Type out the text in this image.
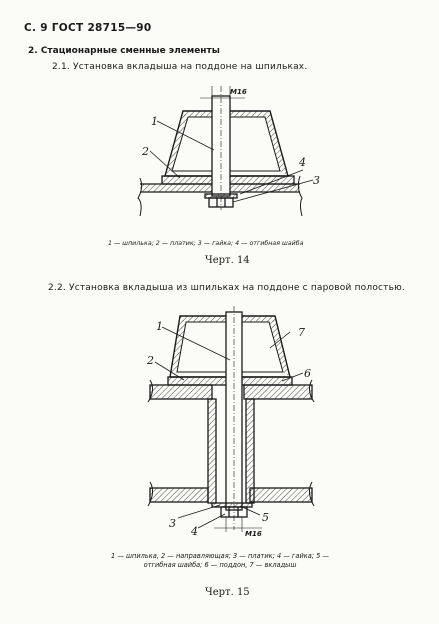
С. 9 ГОСТ 28715—90

2. Стационарные сменные элементы

2.1. Установка вкладыша на поддоне на шпильках.

М16
1
2
3
4
1
2
3
4
5
6
7
М16

1 — шпилька; 2 — платик; 3 — гайка; 4 — отгибная шайба

Черт. 14

2.2. Установка вкладыша из шпильках на поддоне с паровой полостью.

1 — шпилька, 2 — направляющая; 3 — платик; 4 — гайка; 5 — отгибная шайба; 6 — поддон, 7 — вкладыш

Черт. 15
